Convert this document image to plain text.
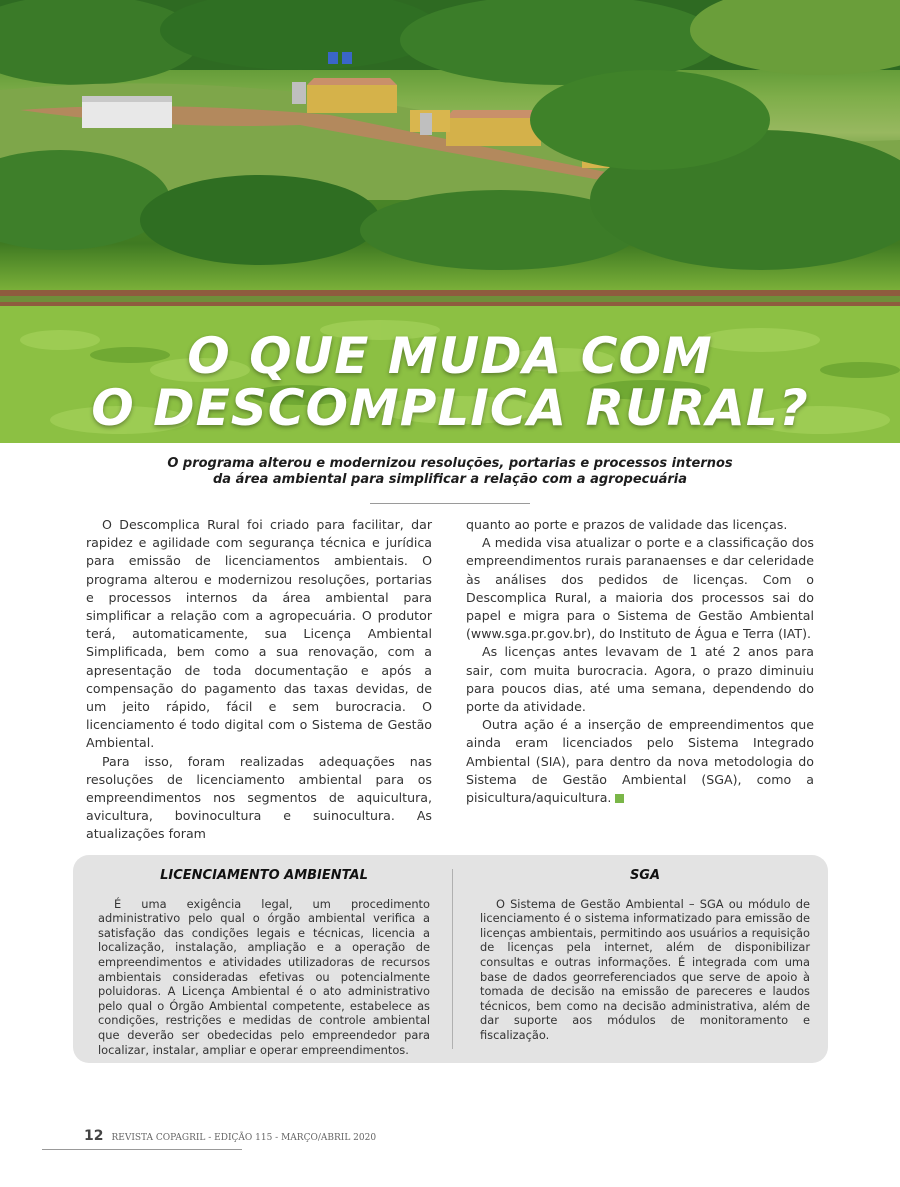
O QUE MUDA COM
O DESCOMPLICA RURAL?
O programa alterou e modernizou resoluções, portarias e processos internos
da área ambiental para simplificar a relação com a agropecuária

O Descomplica Rural foi criado para facilitar, dar rapidez e agilidade com segurança técnica e jurídica para emissão de licenciamentos ambientais. O programa alterou e modernizou resoluções, portarias e processos internos da área ambiental para simplificar a relação com a agropecuária. O produtor terá, automaticamente, sua Licença Ambiental Simplificada, bem como a sua renovação, com a apresentação de toda documentação e após a compensação do pagamento das taxas devidas, de um jeito rápido, fácil e sem burocracia. O licenciamento é todo digital com o Sistema de Gestão Ambiental.

Para isso, foram realizadas adequações nas resoluções de licenciamento ambiental para os empreendimentos nos segmentos de aquicultura, avicultura, bovinocultura e suinocultura. As atualizações foram

quanto ao porte e prazos de validade das licenças.

A medida visa atualizar o porte e a classificação dos empreendimentos rurais paranaenses e dar celeridade às análises dos pedidos de licenças. Com o Descomplica Rural, a maioria dos processos sai do papel e migra para o Sistema de Gestão Ambiental (www.sga.pr.gov.br), do Instituto de Água e Terra (IAT).

As licenças antes levavam de 1 até 2 anos para sair, com muita burocracia. Agora, o prazo diminuiu para poucos dias, até uma semana, dependendo do porte da atividade.

Outra ação é a inserção de empreendimentos que ainda eram licenciados pelo Sistema Integrado Ambiental (SIA), para dentro da nova metodologia do Sistema de Gestão Ambiental (SGA), como a pisicultura/aquicultura.

LICENCIAMENTO AMBIENTAL

É uma exigência legal, um procedimento administrativo pelo qual o órgão ambiental verifica a satisfação das condições legais e técnicas, licencia a localização, instalação, ampliação e a operação de empreendimentos e atividades utilizadoras de recursos ambientais consideradas efetivas ou potencialmente poluidoras. A Licença Ambiental é o ato administrativo pelo qual o Órgão Ambiental competente, estabelece as condições, restrições e medidas de controle ambiental que deverão ser obedecidas pelo empreendedor para localizar, instalar, ampliar e operar empreendimentos.

SGA

O Sistema de Gestão Ambiental – SGA ou módulo de licenciamento é o sistema informatizado para emissão de licenças ambientais, permitindo aos usuários a requisição de licenças pela internet, além de disponibilizar consultas e outras informações. É integrada com uma base de dados georreferenciados que serve de apoio à tomada de decisão na emissão de pareceres e laudos técnicos, bem como na decisão administrativa, além de dar suporte aos módulos de monitoramento e fiscalização.

12 REVISTA COPAGRIL - EDIÇÃO 115 - MARÇO/ABRIL 2020
